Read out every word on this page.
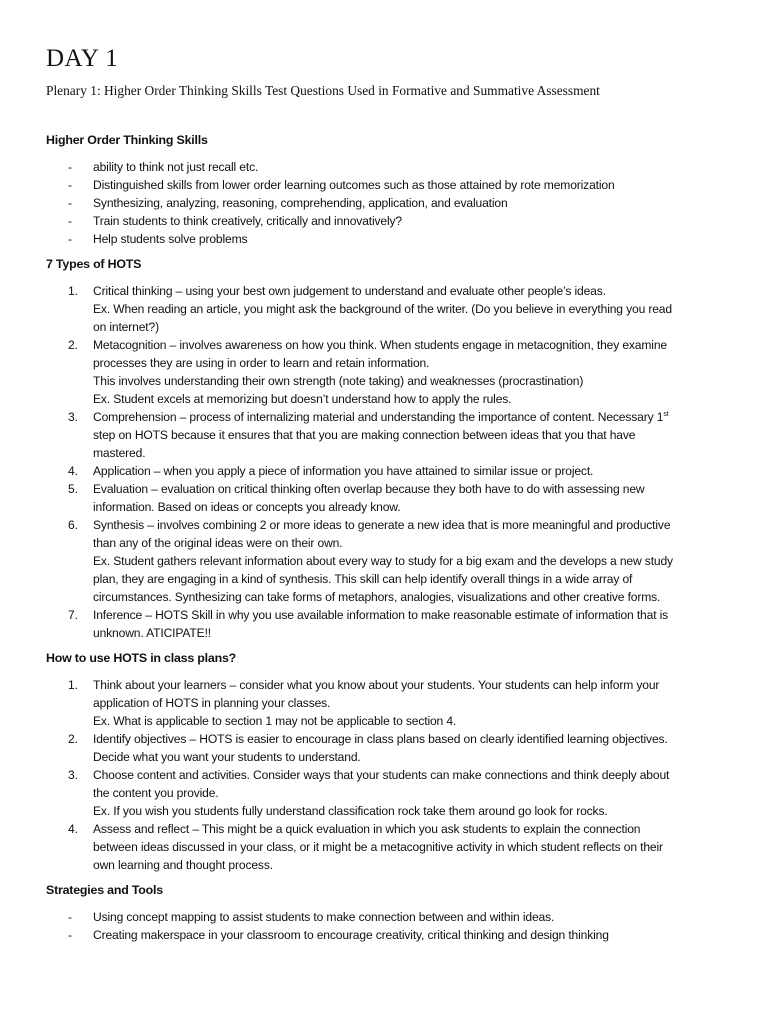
DAY 1

Plenary 1: Higher Order Thinking Skills Test Questions Used in Formative and Summative Assessment

Higher Order Thinking Skills
- ability to think not just recall etc.
- Distinguished skills from lower order learning outcomes such as those attained by rote memorization
- Synthesizing, analyzing, reasoning, comprehending, application, and evaluation
- Train students to think creatively, critically and innovatively?
- Help students solve problems
7 Types of HOTS
1. Critical thinking – using your best own judgement to understand and evaluate other people’s ideas.
Ex. When reading an article, you might ask the background of the writer. (Do you believe in everything you read
on internet?)
2. Metacognition – involves awareness on how you think. When students engage in metacognition, they examine
processes they are using in order to learn and retain information.
This involves understanding their own strength (note taking) and weaknesses (procrastination)
Ex. Student excels at memorizing but doesn’t understand how to apply the rules.
3. Comprehension – process of internalizing material and understanding the importance of content. Necessary 1st
step on HOTS because it ensures that that you are making connection between ideas that you that have
mastered.
4. Application – when you apply a piece of information you have attained to similar issue or project.
5. Evaluation – evaluation on critical thinking often overlap because they both have to do with assessing new
information. Based on ideas or concepts you already know.
6. Synthesis – involves combining 2 or more ideas to generate a new idea that is more meaningful and productive
than any of the original ideas were on their own.
Ex. Student gathers relevant information about every way to study for a big exam and the develops a new study
plan, they are engaging in a kind of synthesis. This skill can help identify overall things in a wide array of
circumstances. Synthesizing can take forms of metaphors, analogies, visualizations and other creative forms.
7. Inference – HOTS Skill in why you use available information to make reasonable estimate of information that is
unknown. ATICIPATE!!
How to use HOTS in class plans?
1. Think about your learners – consider what you know about your students. Your students can help inform your
application of HOTS in planning your classes.
Ex. What is applicable to section 1 may not be applicable to section 4.
2. Identify objectives – HOTS is easier to encourage in class plans based on clearly identified learning objectives.
Decide what you want your students to understand.
3. Choose content and activities. Consider ways that your students can make connections and think deeply about
the content you provide.
Ex. If you wish you students fully understand classification rock take them around go look for rocks.
4. Assess and reflect – This might be a quick evaluation in which you ask students to explain the connection
between ideas discussed in your class, or it might be a metacognitive activity in which student reflects on their
own learning and thought process.
Strategies and Tools
- Using concept mapping to assist students to make connection between and within ideas.
- Creating makerspace in your classroom to encourage creativity, critical thinking and design thinking
